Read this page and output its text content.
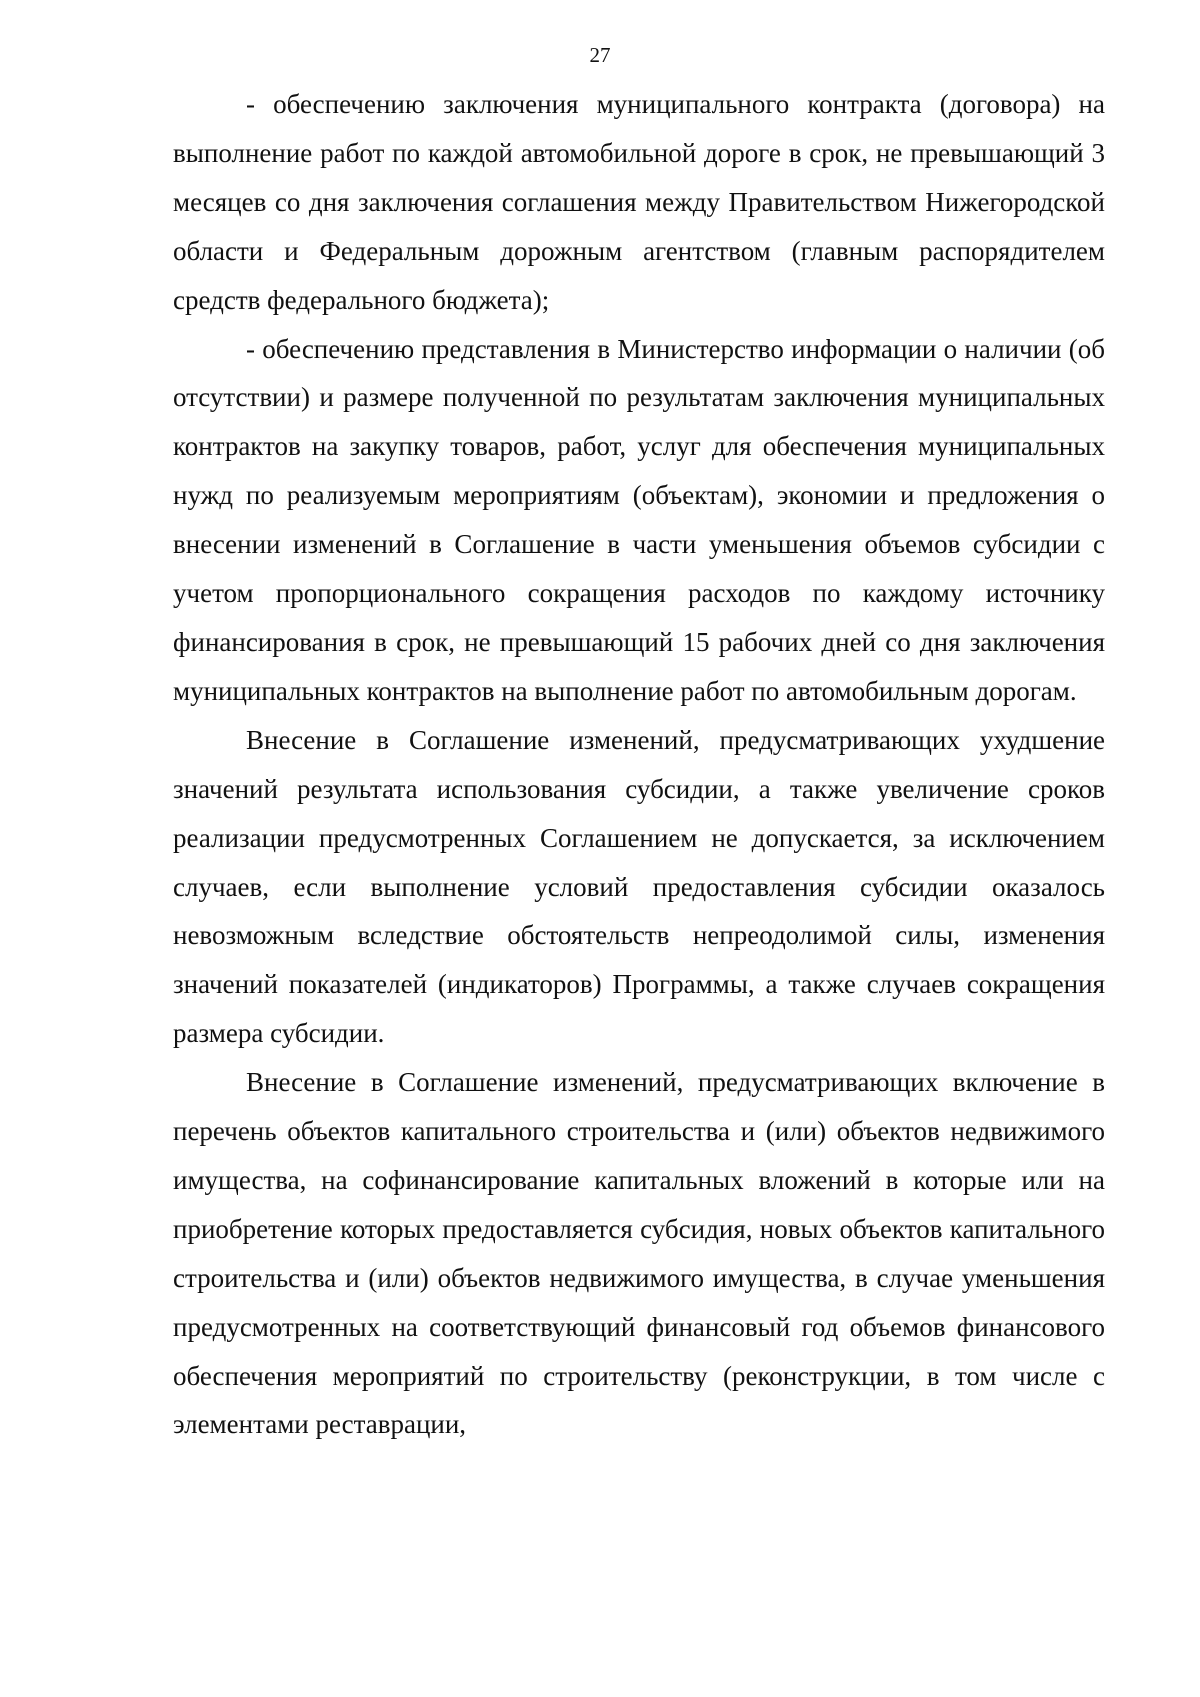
27

- обеспечению заключения муниципального контракта (договора) на выполнение работ по каждой автомобильной дороге в срок, не превышающий 3 месяцев со дня заключения соглашения между Правительством Нижегородской области и Федеральным дорожным агентством (главным распорядителем средств федерального бюджета);

- обеспечению представления в Министерство информации о наличии (об отсутствии) и размере полученной по результатам заключения муниципальных контрактов на закупку товаров, работ, услуг для обеспечения муниципальных нужд по реализуемым мероприятиям (объектам), экономии и предложения о внесении изменений в Соглашение в части уменьшения объемов субсидии с учетом пропорционального сокращения расходов по каждому источнику финансирования в срок, не превышающий 15 рабочих дней со дня заключения муниципальных контрактов на выполнение работ по автомобильным дорогам.

Внесение в Соглашение изменений, предусматривающих ухудшение значений результата использования субсидии, а также увеличение сроков реализации предусмотренных Соглашением не допускается, за исключением случаев, если выполнение условий предоставления субсидии оказалось невозможным вследствие обстоятельств непреодолимой силы, изменения значений показателей (индикаторов) Программы, а также случаев сокращения размера субсидии.

Внесение в Соглашение изменений, предусматривающих включение в перечень объектов капитального строительства и (или) объектов недвижимого имущества, на софинансирование капитальных вложений в которые или на приобретение которых предоставляется субсидия, новых объектов капитального строительства и (или) объектов недвижимого имущества, в случае уменьшения предусмотренных на соответствующий финансовый год объемов финансового обеспечения мероприятий по строительству (реконструкции, в том числе с элементами реставрации,
